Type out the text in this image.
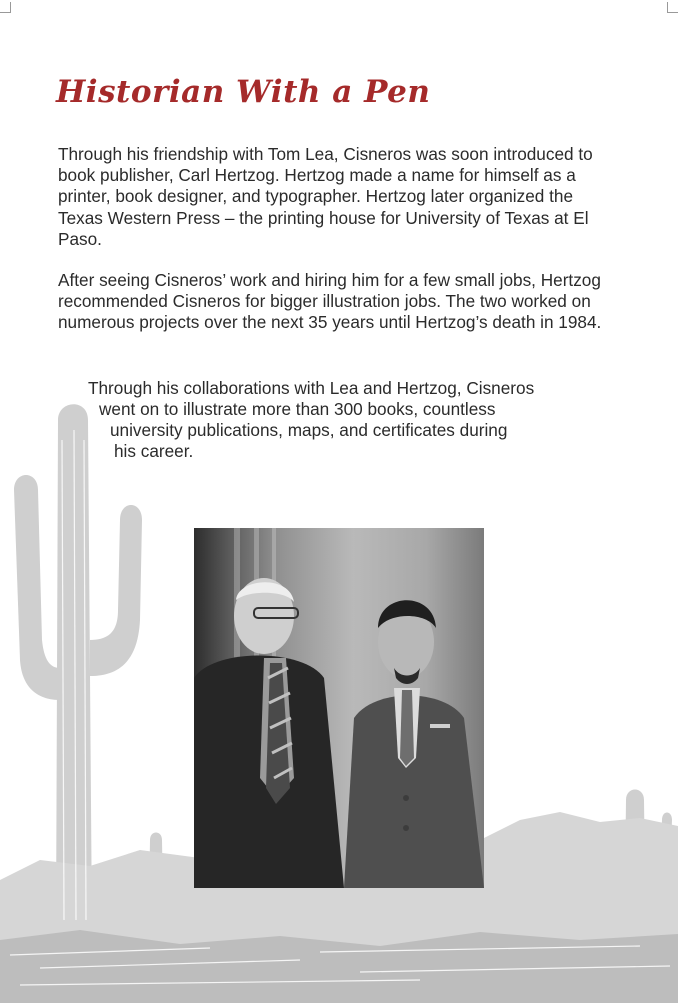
Historian With a Pen

Through his friendship with Tom Lea, Cisneros was soon introduced to book publisher, Carl Hertzog. Hertzog made a name for himself as a printer, book designer, and typographer. Hertzog later organized the Texas Western Press – the printing house for University of Texas at El Paso.

After seeing Cisneros’ work and hiring him for a few small jobs, Hertzog recommended Cisneros for bigger illustration jobs. The two worked on numerous projects over the next 35 years until Hertzog’s death in 1984.

Through his collaborations with Lea and Hertzog, Cisneros

went on to illustrate more than 300 books, countless

university publications, maps, and certificates during

his career.
